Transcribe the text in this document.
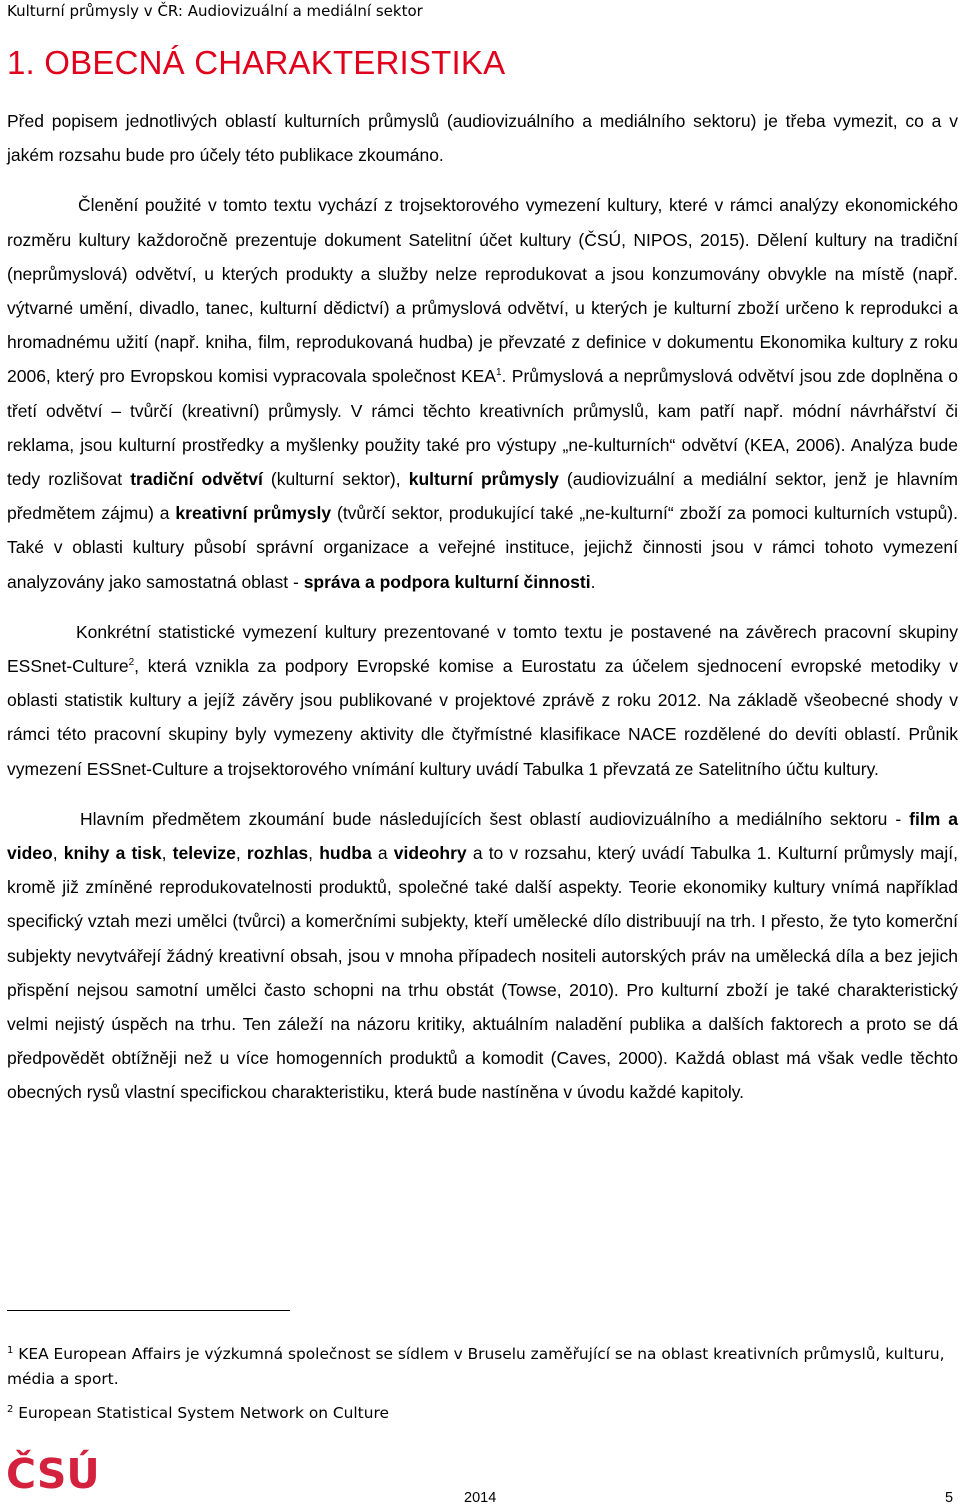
Kulturní průmysly v ČR: Audiovizuální a mediální sektor
1. OBECNÁ CHARAKTERISTIKA

Před popisem jednotlivých oblastí kulturních průmyslů (audiovizuálního a mediálního sektoru) je třeba vymezit, co a v jakém rozsahu bude pro účely této publikace zkoumáno.

Členění použité v tomto textu vychází z trojsektorového vymezení kultury, které v rámci analýzy ekonomického rozměru kultury každoročně prezentuje dokument Satelitní účet kultury (ČSÚ, NIPOS, 2015). Dělení kultury na tradiční (neprůmyslová) odvětví, u kterých produkty a služby nelze reprodukovat a jsou konzumovány obvykle na místě (např. výtvarné umění, divadlo, tanec, kulturní dědictví) a průmyslová odvětví, u kterých je kulturní zboží určeno k reprodukci a hromadnému užití (např. kniha, film, reprodukovaná hudba) je převzaté z definice v dokumentu Ekonomika kultury z roku 2006, který pro Evropskou komisi vypracovala společnost KEA$^1$. Průmyslová a neprůmyslová odvětví jsou zde doplněna o třetí odvětví – tvůrčí (kreativní) průmysly. V rámci těchto kreativních průmyslů, kam patří např. módní návrhářství či reklama, jsou kulturní prostředky a myšlenky použity také pro výstupy „ne-kulturních“ odvětví (KEA, 2006). Analýza bude tedy rozlišovat tradiční odvětví (kulturní sektor), kulturní průmysly (audiovizuální a mediální sektor, jenž je hlavním předmětem zájmu) a kreativní průmysly (tvůrčí sektor, produkující také „ne-kulturní“ zboží za pomoci kulturních vstupů). Také v oblasti kultury působí správní organizace a veřejné instituce, jejichž činnosti jsou v rámci tohoto vymezení analyzovány jako samostatná oblast - správa a podpora kulturní činnosti.

Konkrétní statistické vymezení kultury prezentované v tomto textu je postavené na závěrech pracovní skupiny ESSnet-Culture$^2$, která vznikla za podpory Evropské komise a Eurostatu za účelem sjednocení evropské metodiky v oblasti statistik kultury a jejíž závěry jsou publikované v projektové zprávě z roku 2012. Na základě všeobecné shody v rámci této pracovní skupiny byly vymezeny aktivity dle čtyřmístné klasifikace NACE rozdělené do devíti oblastí. Průnik vymezení ESSnet-Culture a trojsektorového vnímání kultury uvádí Tabulka 1 převzatá ze Satelitního účtu kultury.

Hlavním předmětem zkoumání bude následujících šest oblastí audiovizuálního a mediálního sektoru - film a video, knihy a tisk, televize, rozhlas, hudba a videohry a to v rozsahu, který uvádí Tabulka 1. Kulturní průmysly mají, kromě již zmíněné reprodukovatelnosti produktů, společné také další aspekty. Teorie ekonomiky kultury vnímá například specifický vztah mezi umělci (tvůrci) a komerčními subjekty, kteří umělecké dílo distribuují na trh. I přesto, že tyto komerční subjekty nevytvářejí žádný kreativní obsah, jsou v mnoha případech nositeli autorských práv na umělecká díla a bez jejich přispění nejsou samotní umělci často schopni na trhu obstát (Towse, 2010). Pro kulturní zboží je také charakteristický velmi nejistý úspěch na trhu. Ten záleží na názoru kritiky, aktuálním naladění publika a dalších faktorech a proto se dá předpovědět obtížněji než u více homogenních produktů a komodit (Caves, 2000). Každá oblast má však vedle těchto obecných rysů vlastní specifickou charakteristiku, která bude nastíněna v úvodu každé kapitoly.

$^1$ KEA European Affairs je výzkumná společnost se sídlem v Bruselu zaměřující se na oblast kreativních průmyslů, kulturu, média a sport.

$^2$ European Statistical System Network on Culture

ČSÚ	2014	5
